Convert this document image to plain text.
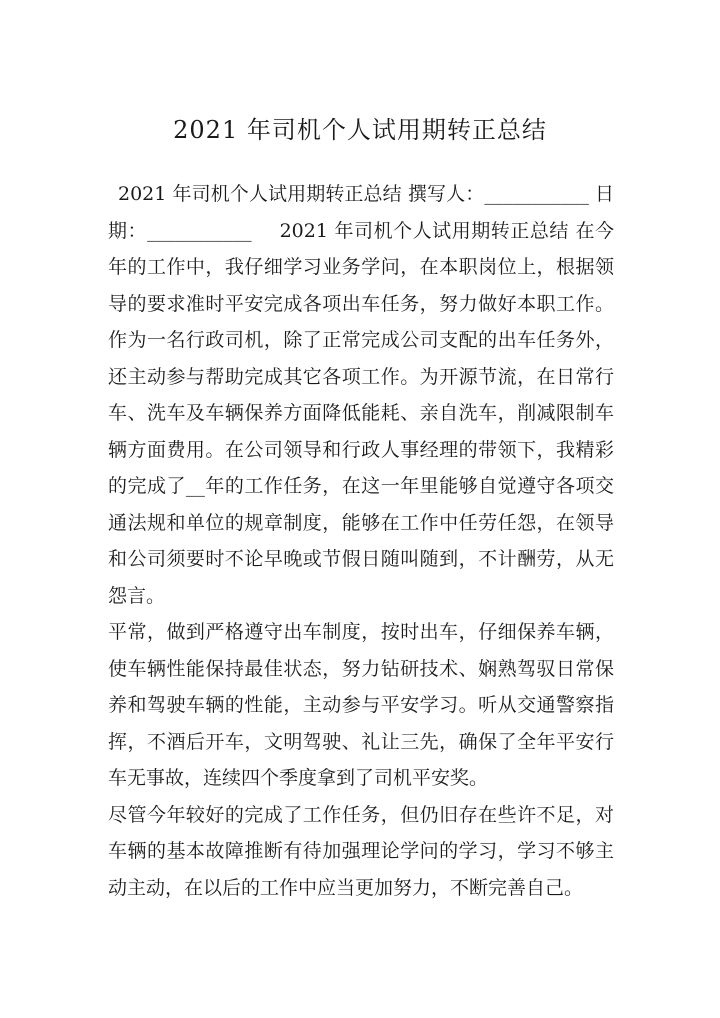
2021 年司机个人试用期转正总结

2021 年司机个人试用期转正总结 撰写人：___________ 日期：___________ 2021 年司机个人试用期转正总结 在今年的工作中，我仔细学习业务学问，在本职岗位上，根据领导的要求准时平安完成各项出车任务，努力做好本职工作。作为一名行政司机，除了正常完成公司支配的出车任务外，还主动参与帮助完成其它各项工作。为开源节流，在日常行车、洗车及车辆保养方面降低能耗、亲自洗车，削减限制车辆方面费用。在公司领导和行政人事经理的带领下，我精彩的完成了__年的工作任务，在这一年里能够自觉遵守各项交通法规和单位的规章制度，能够在工作中任劳任怨，在领导和公司须要时不论早晚或节假日随叫随到，不计酬劳，从无怨言。

平常，做到严格遵守出车制度，按时出车，仔细保养车辆，使车辆性能保持最佳状态，努力钻研技术、娴熟驾驭日常保养和驾驶车辆的性能，主动参与平安学习。听从交通警察指挥，不酒后开车，文明驾驶、礼让三先，确保了全年平安行车无事故，连续四个季度拿到了司机平安奖。

尽管今年较好的完成了工作任务，但仍旧存在些许不足，对车辆的基本故障推断有待加强理论学问的学习，学习不够主动主动，在以后的工作中应当更加努力，不断完善自己。
